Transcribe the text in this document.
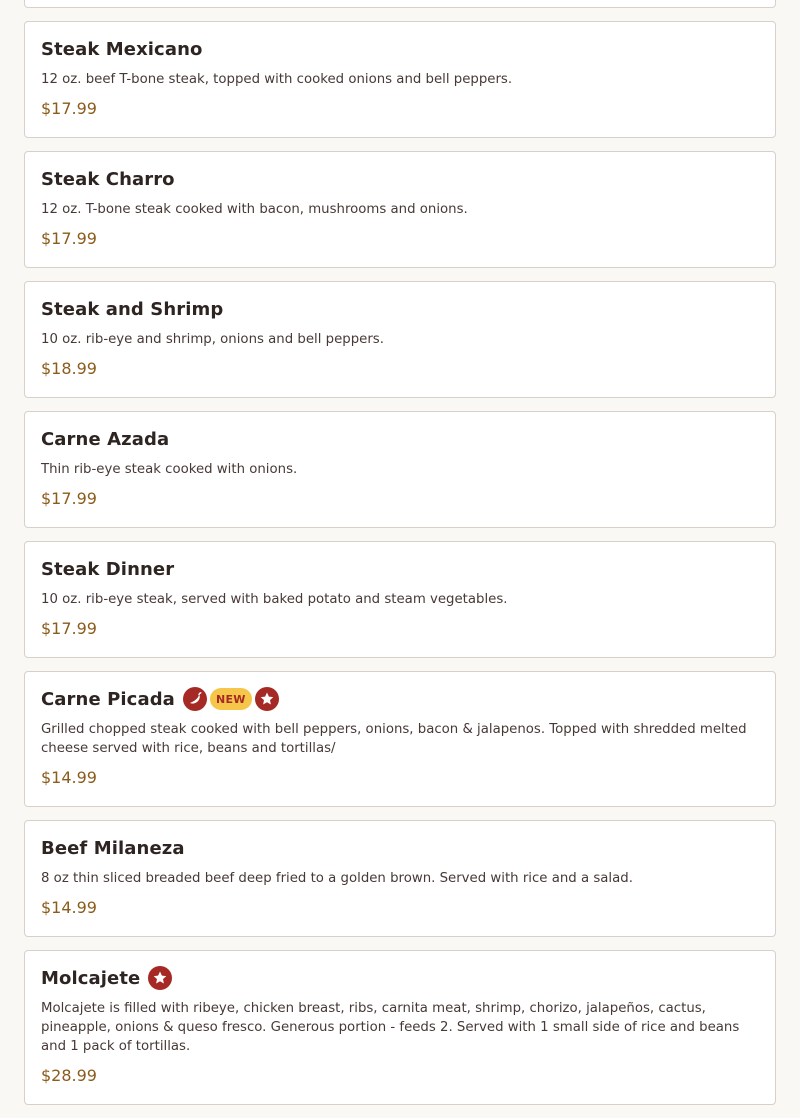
Steak Mexicano

12 oz. beef T-bone steak, topped with cooked onions and bell peppers.

$17.99
Steak Charro

12 oz. T-bone steak cooked with bacon, mushrooms and onions.

$17.99
Steak and Shrimp

10 oz. rib-eye and shrimp, onions and bell peppers.

$18.99
Carne Azada

Thin rib-eye steak cooked with onions.

$17.99
Steak Dinner

10 oz. rib-eye steak, served with baked potato and steam vegetables.

$17.99
Carne Picada	NEW

Grilled chopped steak cooked with bell peppers, onions, bacon & jalapenos. Topped with shredded melted cheese served with rice, beans and tortillas/

$14.99
Beef Milaneza

8 oz thin sliced breaded beef deep fried to a golden brown. Served with rice and a salad.

$14.99
Molcajete

Molcajete is filled with ribeye, chicken breast, ribs, carnita meat, shrimp, chorizo, jalapeños, cactus, pineapple, onions & queso fresco. Generous portion - feeds 2. Served with 1 small side of rice and beans and 1 pack of tortillas.

$28.99
